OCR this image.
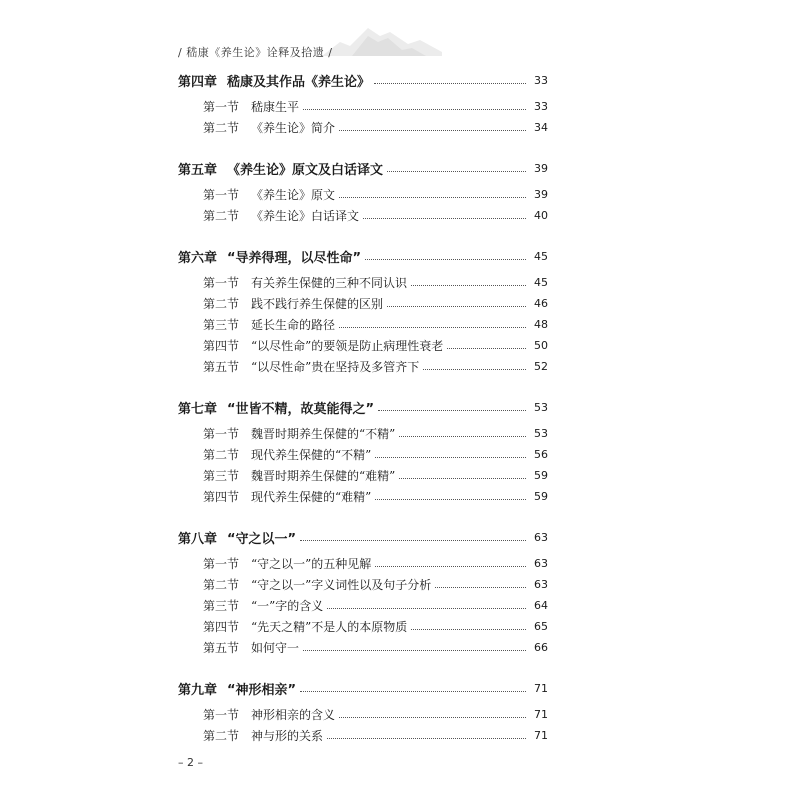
/ 嵇康《养生论》诠释及拾遗 /
第四章 嵇康及其作品《养生论》	33
第一节 嵇康生平	33
第二节 《养生论》简介	34
第五章 《养生论》原文及白话译文	39
第一节 《养生论》原文	39
第二节 《养生论》白话译文	40
第六章 “导养得理，以尽性命”	45
第一节 有关养生保健的三种不同认识	45
第二节 践不践行养生保健的区别	46
第三节 延长生命的路径	48
第四节 “以尽性命”的要领是防止病理性衰老	50
第五节 “以尽性命”贵在坚持及多管齐下	52
第七章 “世皆不精，故莫能得之”	53
第一节 魏晋时期养生保健的“不精”	53
第二节 现代养生保健的“不精”	56
第三节 魏晋时期养生保健的“难精”	59
第四节 现代养生保健的“难精”	59
第八章 “守之以一”	63
第一节 “守之以一”的五种见解	63
第二节 “守之以一”字义词性以及句子分析	63
第三节 “一”字的含义	64
第四节 “先天之精”不是人的本原物质	65
第五节 如何守一	66
第九章 “神形相亲”	71
第一节 神形相亲的含义	71
第二节 神与形的关系	71
– 2 –
